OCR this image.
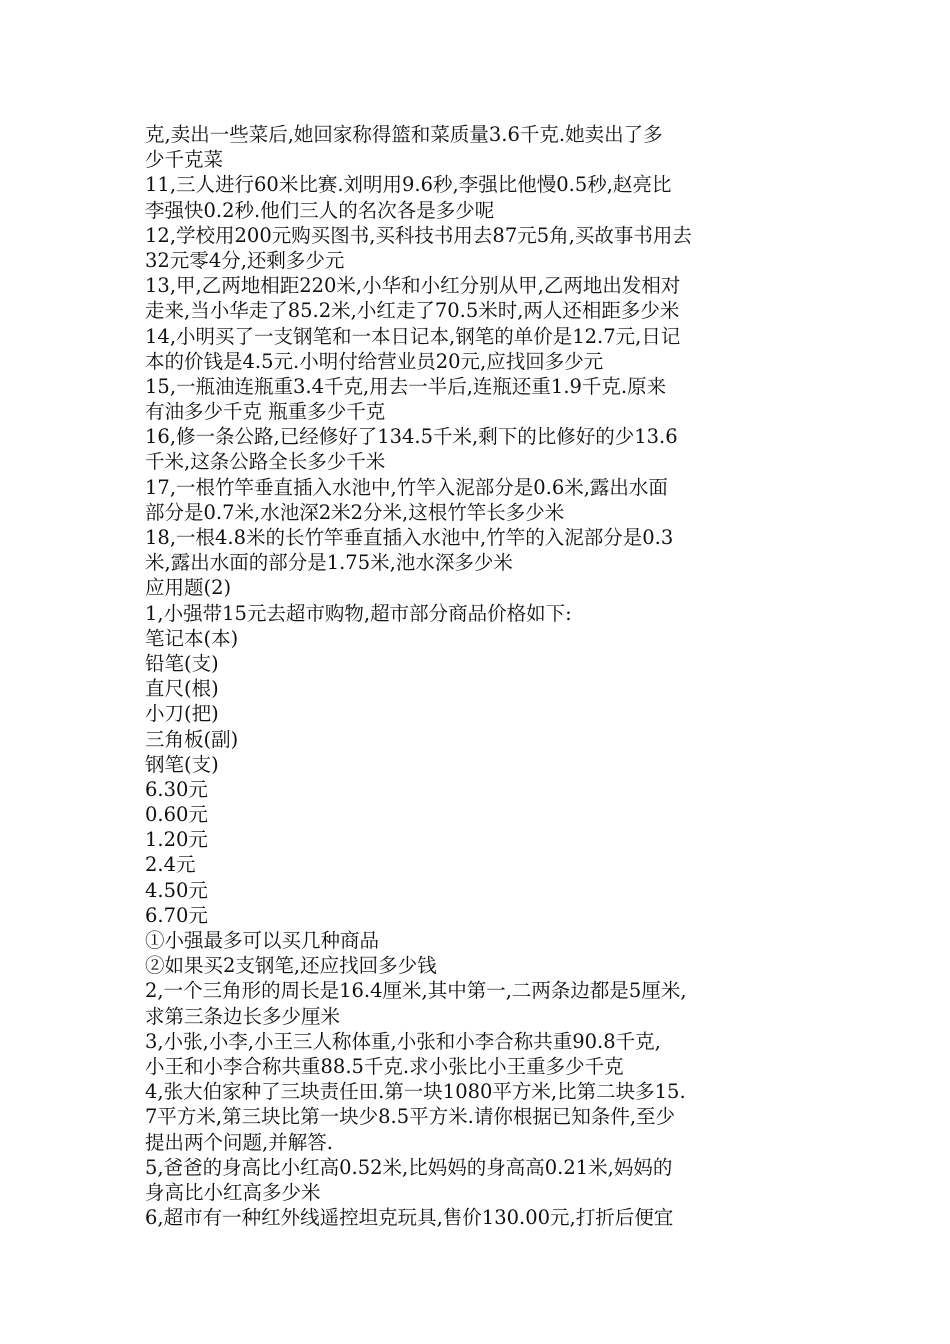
克,卖出一些菜后,她回家称得篮和菜质量3.6千克.她卖出了多
少千克菜
11,三人进行60米比赛.刘明用9.6秒,李强比他慢0.5秒,赵亮比
李强快0.2秒.他们三人的名次各是多少呢
12,学校用200元购买图书,买科技书用去87元5角,买故事书用去
32元零4分,还剩多少元
13,甲,乙两地相距220米,小华和小红分别从甲,乙两地出发相对
走来,当小华走了85.2米,小红走了70.5米时,两人还相距多少米
14,小明买了一支钢笔和一本日记本,钢笔的单价是12.7元,日记
本的价钱是4.5元.小明付给营业员20元,应找回多少元
15,一瓶油连瓶重3.4千克,用去一半后,连瓶还重1.9千克.原来
有油多少千克 瓶重多少千克
16,修一条公路,已经修好了134.5千米,剩下的比修好的少13.6
千米,这条公路全长多少千米
17,一根竹竿垂直插入水池中,竹竿入泥部分是0.6米,露出水面
部分是0.7米,水池深2米2分米,这根竹竿长多少米
18,一根4.8米的长竹竿垂直插入水池中,竹竿的入泥部分是0.3
米,露出水面的部分是1.75米,池水深多少米
应用题(2)
1,小强带15元去超市购物,超市部分商品价格如下:
笔记本(本)
铅笔(支)
直尺(根)
小刀(把)
三角板(副)
钢笔(支)
6.30元
0.60元
1.20元
2.4元
4.50元
6.70元
①小强最多可以买几种商品
②如果买2支钢笔,还应找回多少钱
2,一个三角形的周长是16.4厘米,其中第一,二两条边都是5厘米,
求第三条边长多少厘米
3,小张,小李,小王三人称体重,小张和小李合称共重90.8千克,
小王和小李合称共重88.5千克.求小张比小王重多少千克
4,张大伯家种了三块责任田.第一块1080平方米,比第二块多15.
7平方米,第三块比第一块少8.5平方米.请你根据已知条件,至少
提出两个问题,并解答.
5,爸爸的身高比小红高0.52米,比妈妈的身高高0.21米,妈妈的
身高比小红高多少米
6,超市有一种红外线遥控坦克玩具,售价130.00元,打折后便宜
